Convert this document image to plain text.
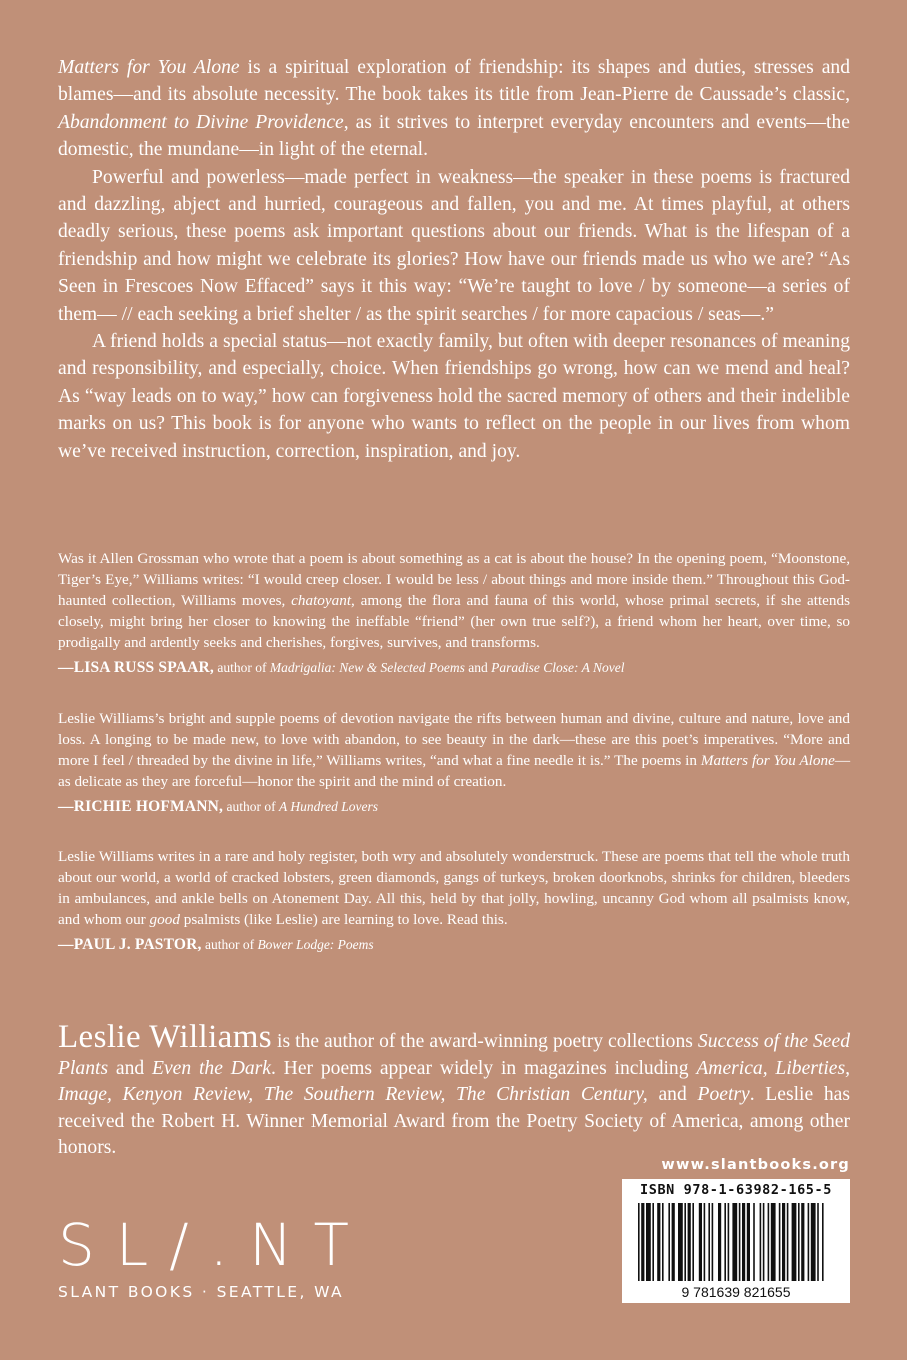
Matters for You Alone is a spiritual exploration of friendship: its shapes and duties, stresses and blames—and its absolute necessity. The book takes its title from Jean-Pierre de Caussade’s classic, Abandonment to Divine Providence, as it strives to interpret everyday encounters and events—the domestic, the mundane—in light of the eternal.

Powerful and powerless—made perfect in weakness—the speaker in these poems is fractured and dazzling, abject and hurried, courageous and fallen, you and me. At times playful, at others deadly serious, these poems ask important questions about our friends. What is the lifespan of a friendship and how might we celebrate its glories? How have our friends made us who we are? “As Seen in Frescoes Now Effaced” says it this way: “We’re taught to love / by someone—a series of them— // each seeking a brief shelter / as the spirit searches / for more capacious / seas—.”

A friend holds a special status—not exactly family, but often with deeper resonances of meaning and responsibility, and especially, choice. When friendships go wrong, how can we mend and heal? As “way leads on to way,” how can forgiveness hold the sacred memory of others and their indelible marks on us? This book is for anyone who wants to reflect on the people in our lives from whom we’ve received instruction, correction, inspiration, and joy.

Was it Allen Grossman who wrote that a poem is about something as a cat is about the house? In the opening poem, “Moonstone, Tiger’s Eye,” Williams writes: “I would creep closer. I would be less / about things and more inside them.” Throughout this God-haunted collection, Williams moves, chatoyant, among the flora and fauna of this world, whose primal secrets, if she attends closely, might bring her closer to knowing the ineffable “friend” (her own true self?), a friend whom her heart, over time, so prodigally and ardently seeks and cherishes, forgives, survives, and transforms.

—LISA RUSS SPAAR, author of Madrigalia: New & Selected Poems and Paradise Close: A Novel

Leslie Williams’s bright and supple poems of devotion navigate the rifts between human and divine, culture and nature, love and loss. A longing to be made new, to love with abandon, to see beauty in the dark—these are this poet’s imperatives. “More and more I feel / threaded by the divine in life,” Williams writes, “and what a fine needle it is.” The poems in Matters for You Alone—as delicate as they are forceful—honor the spirit and the mind of creation.

—RICHIE HOFMANN, author of A Hundred Lovers

Leslie Williams writes in a rare and holy register, both wry and absolutely wonderstruck. These are poems that tell the whole truth about our world, a world of cracked lobsters, green diamonds, gangs of turkeys, broken doorknobs, shrinks for children, bleeders in ambulances, and ankle bells on Atonement Day. All this, held by that jolly, howling, uncanny God whom all psalmists know, and whom our good psalmists (like Leslie) are learning to love. Read this.

—PAUL J. PASTOR, author of Bower Lodge: Poems

Leslie Williams is the author of the award-winning poetry collections Success of the Seed Plants and Even the Dark. Her poems appear widely in magazines including America, Liberties, Image, Kenyon Review, The Southern Review, The Christian Century, and Poetry. Leslie has received the Robert H. Winner Memorial Award from the Poetry Society of America, among other honors.
www.slantbooks.org
ISBN 978-1-63982-165-5
9 781639 821655
SL/.NT
SLANT BOOKS · SEATTLE, WA
